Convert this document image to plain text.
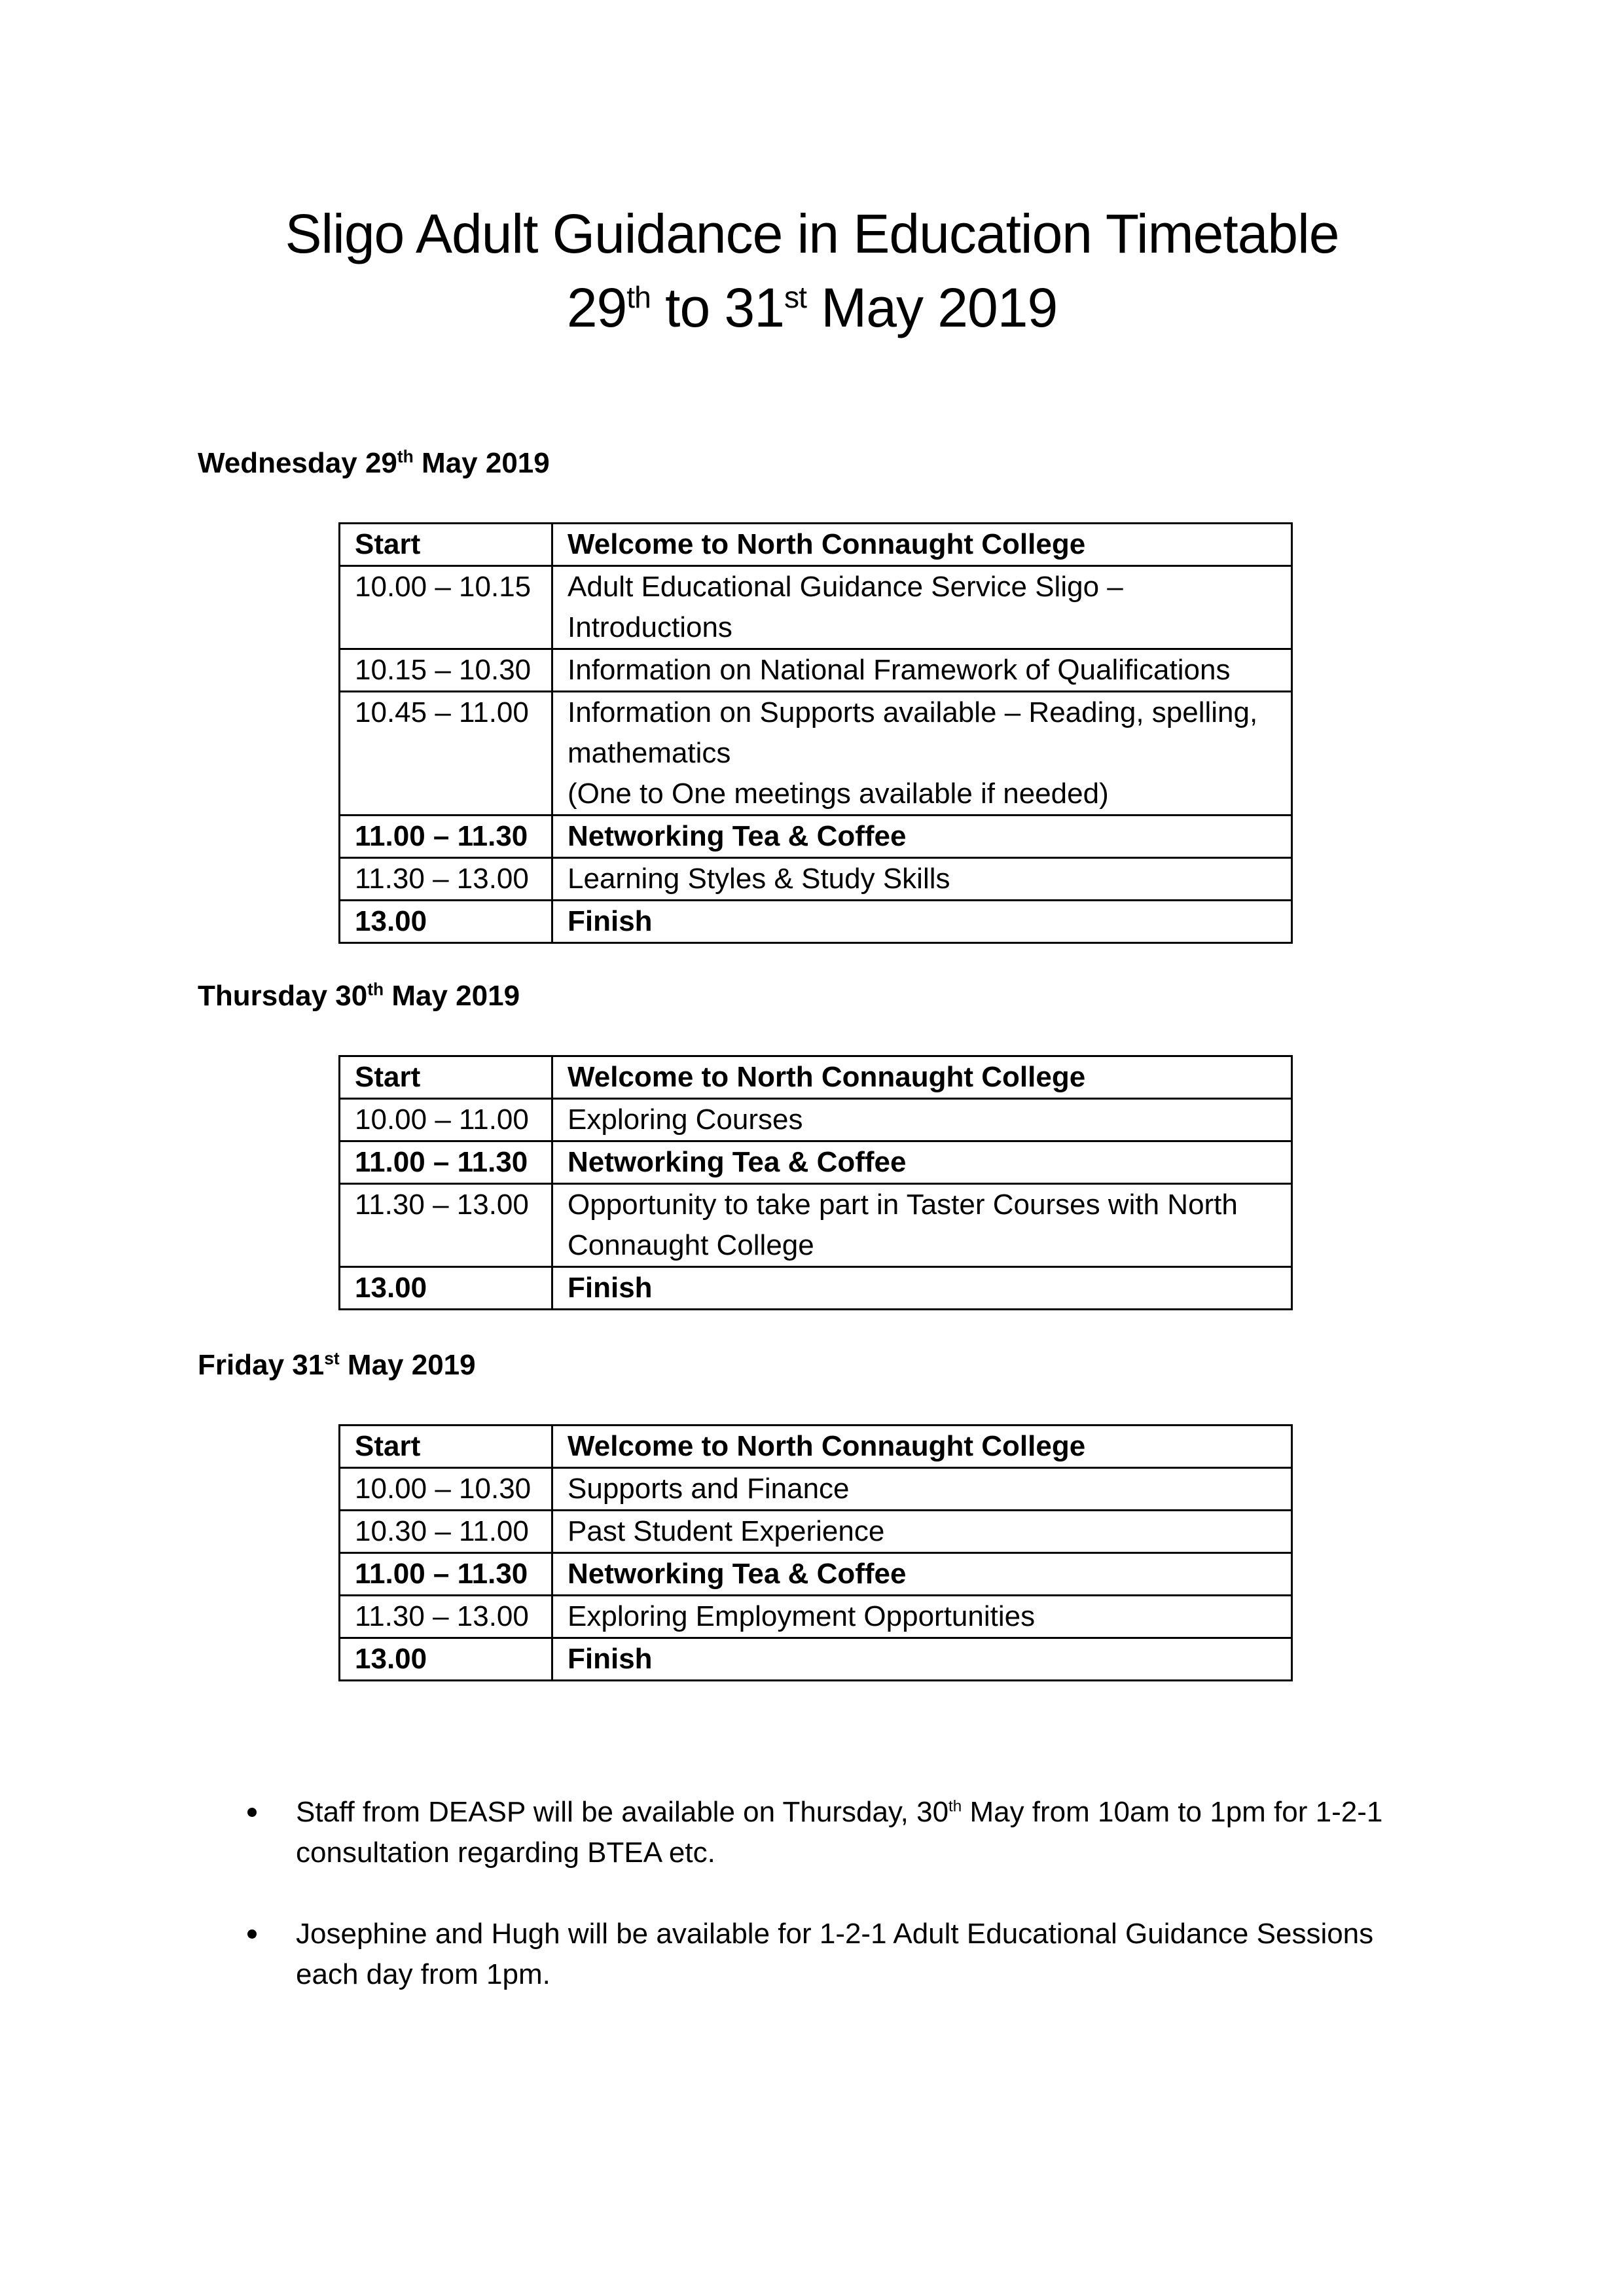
Sligo Adult Guidance in Education Timetable
29th to 31st May 2019
Wednesday 29th May 2019
Start	Welcome to North Connaught College
10.00 – 10.15	Adult Educational Guidance Service Sligo – Introductions
10.15 – 10.30	Information on National Framework of Qualifications
10.45 – 11.00	Information on Supports available – Reading, spelling, mathematics
(One to One meetings available if needed)

11.00 – 11.30	Networking Tea & Coffee
11.30 – 13.00	Learning Styles & Study Skills
13.00	Finish
Thursday 30th May 2019
Start	Welcome to North Connaught College
10.00 – 11.00	Exploring Courses
11.00 – 11.30	Networking Tea & Coffee
11.30 – 13.00	Opportunity to take part in Taster Courses with North Connaught College
13.00	Finish
Friday 31st May 2019
Start	Welcome to North Connaught College
10.00 – 10.30	Supports and Finance
10.30 – 11.00	Past Student Experience
11.00 – 11.30	Networking Tea & Coffee
11.30 – 13.00	Exploring Employment Opportunities
13.00	Finish
Staff from DEASP will be available on Thursday, 30th May from 10am to 1pm for 1-2-1 consultation regarding BTEA etc.
Josephine and Hugh will be available for 1-2-1 Adult Educational Guidance Sessions each day from 1pm.
